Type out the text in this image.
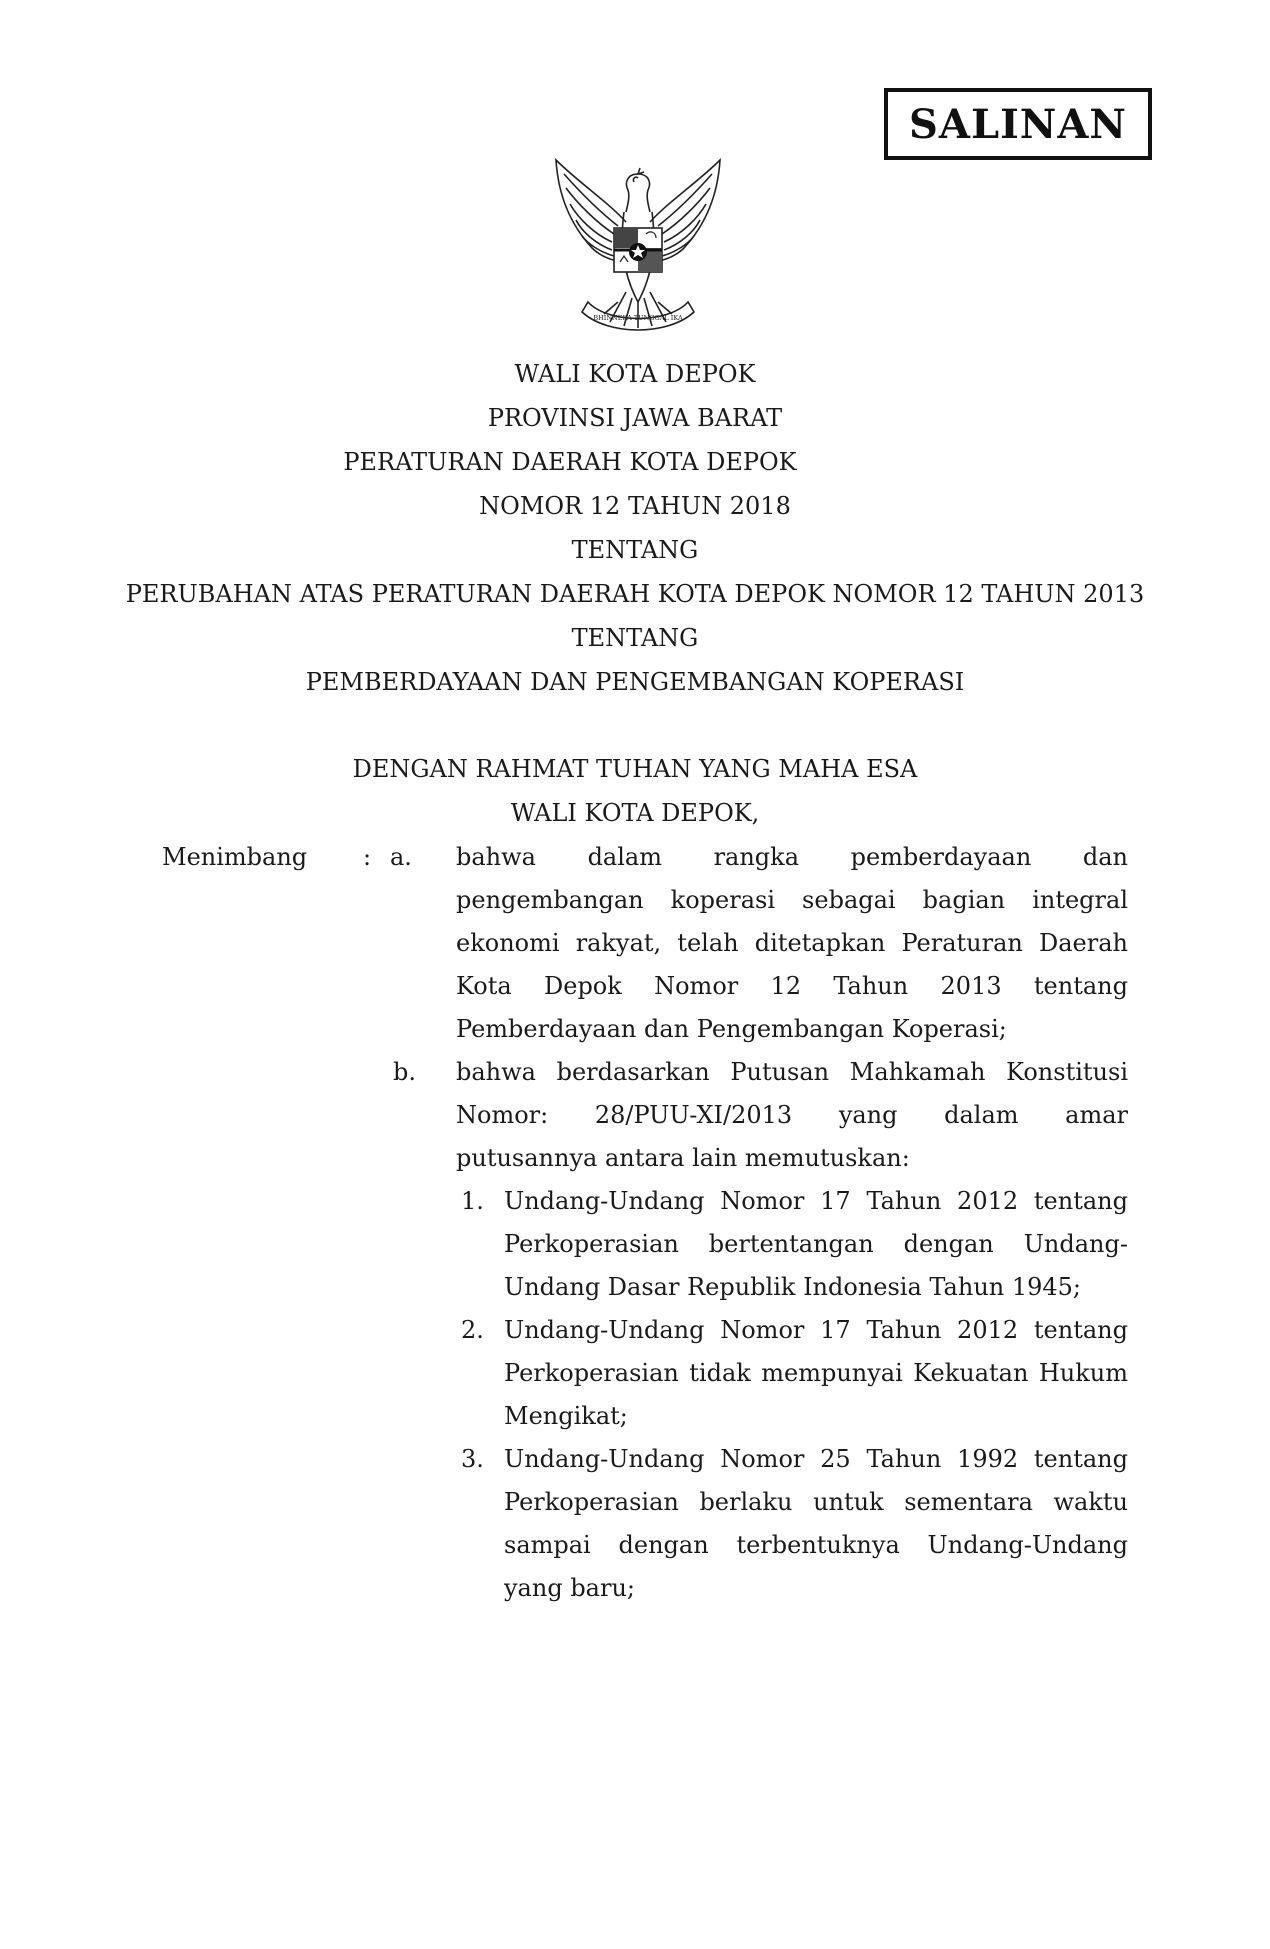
SALINAN
BHINNEKA TUNGGAL IKA
WALI KOTA DEPOK
PROVINSI JAWA BARAT
PERATURAN DAERAH KOTA DEPOK
NOMOR 12 TAHUN 2018
TENTANG
PERUBAHAN ATAS PERATURAN DAERAH KOTA DEPOK NOMOR 12 TAHUN 2013
TENTANG
PEMBERDAYAAN DAN PENGEMBANGAN KOPERASI
DENGAN RAHMAT TUHAN YANG MAHA ESA
WALI KOTA DEPOK,
Menimbang : a. bahwa dalam rangka pemberdayaan dan
pengembangan koperasi sebagai bagian integral
ekonomi rakyat, telah ditetapkan Peraturan Daerah
Kota Depok Nomor 12 Tahun 2013 tentang
Pemberdayaan dan Pengembangan Koperasi;
b. bahwa berdasarkan Putusan Mahkamah Konstitusi
Nomor: 28/PUU-XI/2013 yang dalam amar
putusannya antara lain memutuskan:
1. Undang-Undang Nomor 17 Tahun 2012 tentang
Perkoperasian bertentangan dengan Undang-
Undang Dasar Republik Indonesia Tahun 1945;
2. Undang-Undang Nomor 17 Tahun 2012 tentang
Perkoperasian tidak mempunyai Kekuatan Hukum
Mengikat;
3. Undang-Undang Nomor 25 Tahun 1992 tentang
Perkoperasian berlaku untuk sementara waktu
sampai dengan terbentuknya Undang-Undang
yang baru;
